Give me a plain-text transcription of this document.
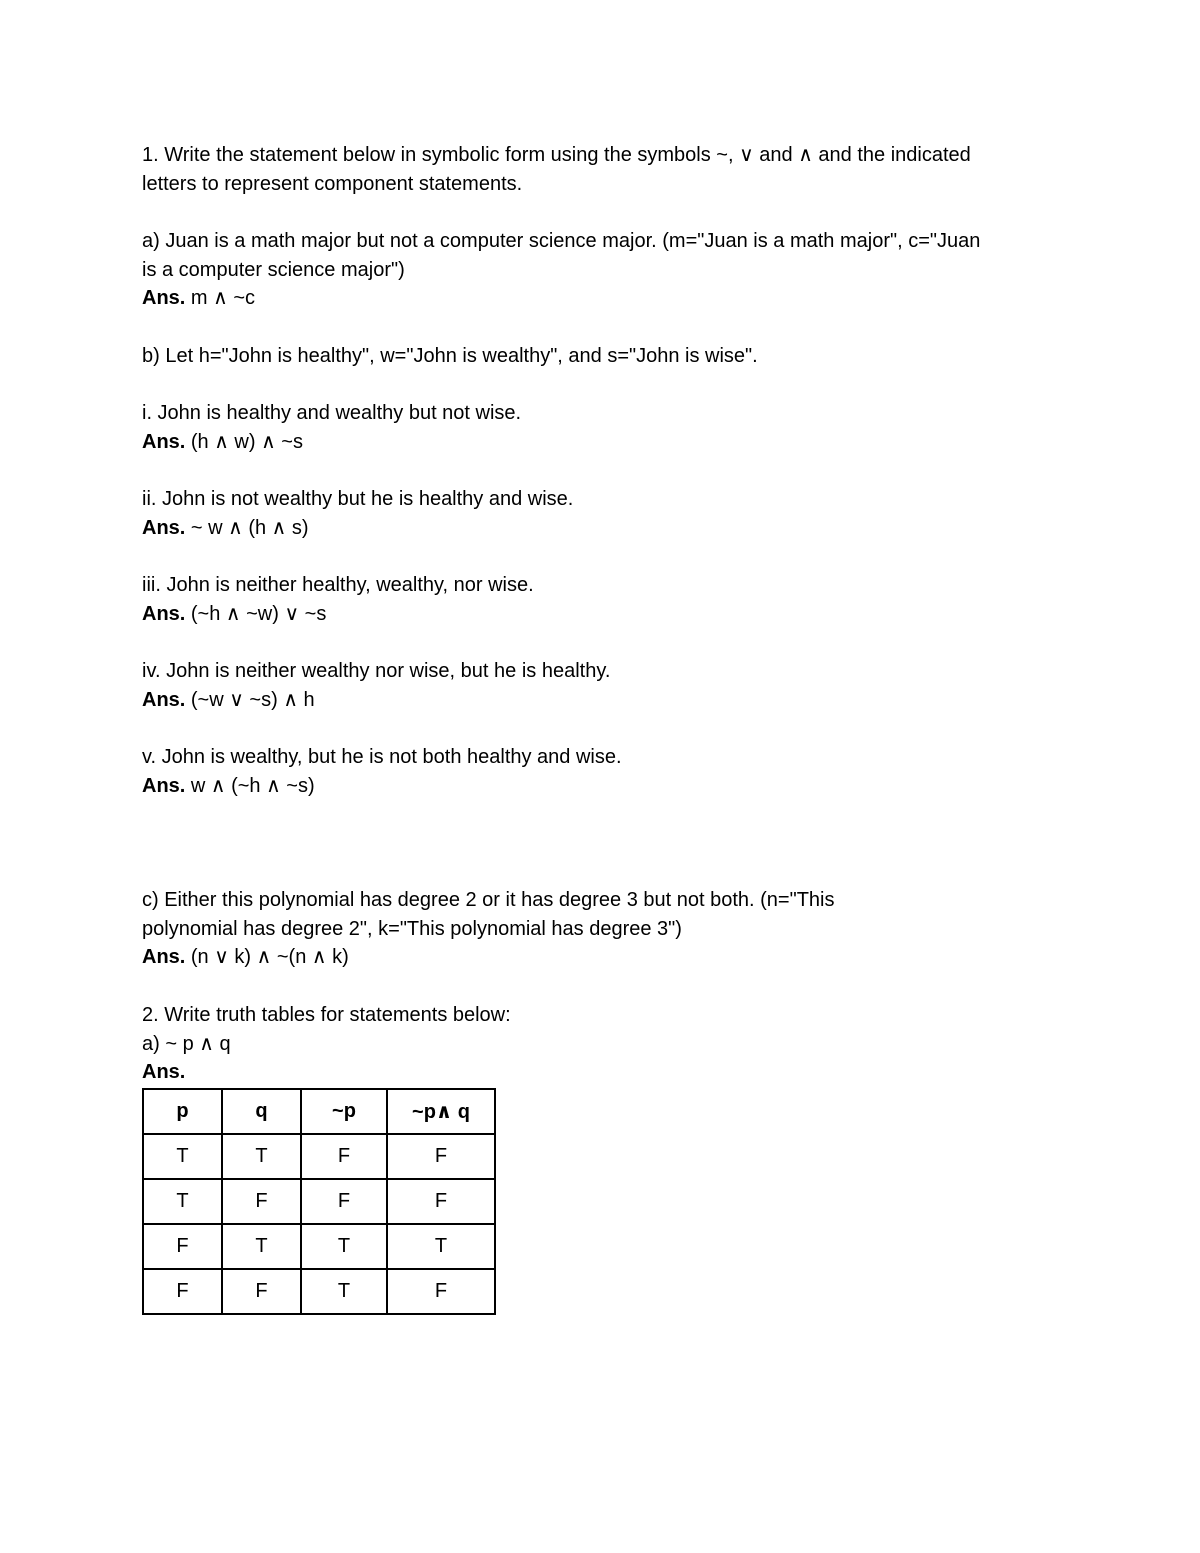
1. Write the statement below in symbolic form using the symbols ~, ∨ and ∧ and the indicated
letters to represent component statements.
a) Juan is a math major but not a computer science major. (m="Juan is a math major", c="Juan
is a computer science major")
Ans. m ∧ ~c
b) Let h="John is healthy", w="John is wealthy", and s="John is wise".
i. John is healthy and wealthy but not wise.
Ans. (h ∧ w) ∧ ~s
ii. John is not wealthy but he is healthy and wise.
Ans. ~ w ∧ (h ∧ s)
iii. John is neither healthy, wealthy, nor wise.
Ans. (~h ∧ ~w) ∨ ~s
iv. John is neither wealthy nor wise, but he is healthy.
Ans. (~w ∨ ~s) ∧ h
v. John is wealthy, but he is not both healthy and wise.
Ans. w ∧ (~h ∧ ~s)
c) Either this polynomial has degree 2 or it has degree 3 but not both. (n="This
polynomial has degree 2", k="This polynomial has degree 3")
Ans. (n ∨ k) ∧ ~(n ∧ k)
2. Write truth tables for statements below:
a) ~ p ∧ q
Ans.
p	q	~p	~p∧ q
T	T	F	F
T	F	F	F
F	T	T	T
F	F	T	F
